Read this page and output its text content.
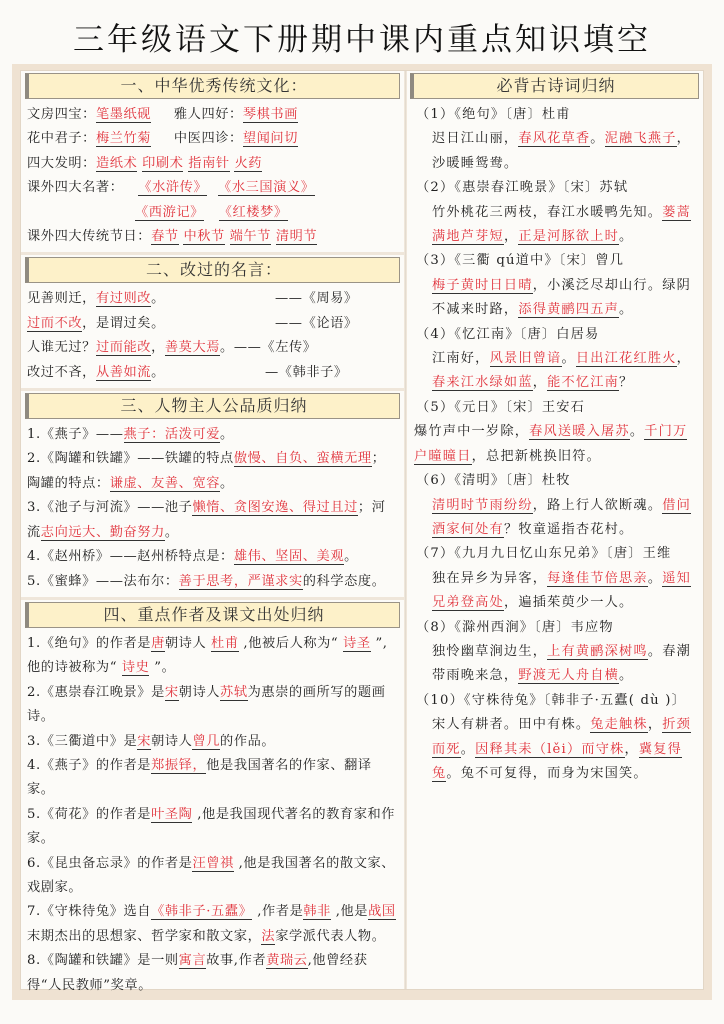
三年级语文下册期中课内重点知识填空
一、中华优秀传统文化：
文房四宝：笔墨纸砚 雅人四好：琴棋书画
花中君子：梅兰竹菊 中医四诊：望闻问切
四大发明：造纸术 印刷术 指南针 火药
课外四大名著： 《水浒传》 《水三国演义》
《西游记》 《红楼梦》
课外四大传统节日：春节 中秋节 端午节 清明节
二、改过的名言：
见善则迁，有过则改。	——《周易》
过而不改，是谓过矣。	——《论语》
人谁无过？过而能改，善莫大焉。——《左传》
改过不吝，从善如流。	—《韩非子》
三、人物主人公品质归纳
1.《燕子》——燕子：活泼可爱。
2.《陶罐和铁罐》——铁罐的特点傲慢、自负、蛮横无理；陶罐的特点：谦虚、友善、宽容。
3.《池子与河流》——池子懒惰、贪图安逸、得过且过；河流志向远大、勤奋努力。
4.《赵州桥》——赵州桥特点是：雄伟、坚固、美观。
5.《蜜蜂》——法布尔：善于思考，严谨求实的科学态度。
四、重点作者及课文出处归纳
1.《绝句》的作者是唐朝诗人 杜甫 ,他被后人称为“ 诗圣 ”,他的诗被称为“ 诗史 ”。
2.《惠崇春江晚景》是宋朝诗人苏轼为惠崇的画所写的题画诗。
3.《三衢道中》是宋朝诗人曾几的作品。
4.《燕子》的作者是郑振铎，他是我国著名的作家、翻译家。
5.《荷花》的作者是叶圣陶 ,他是我国现代著名的教育家和作家。
6.《昆虫备忘录》的作者是汪曾祺 ,他是我国著名的散文家、戏剧家。
7.《守株待兔》选自《韩非子·五蠹》 ,作者是韩非 ,他是战国末期杰出的思想家、哲学家和散文家，法家学派代表人物。
8.《陶罐和铁罐》是一则寓言故事,作者黄瑞云,他曾经获得“人民教师”奖章。
必背古诗词归纳
（1）《绝句》〔唐〕杜甫
迟日江山丽，春风花草香。泥融飞燕子，沙暖睡鸳鸯。
（2）《惠崇春江晚景》〔宋〕苏轼
竹外桃花三两枝，春江水暖鸭先知。蒌蒿满地芦芽短，正是河豚欲上时。
（3）《三衢 qú道中》〔宋〕曾几
梅子黄时日日晴，小溪泛尽却山行。绿阴不减来时路，添得黄鹂四五声。
（4）《忆江南》〔唐〕白居易
江南好，风景旧曾谙。日出江花红胜火，春来江水绿如蓝，能不忆江南？
（5）《元日》〔宋〕王安石
爆竹声中一岁除，春风送暖入屠苏。千门万户曈曈日，总把新桃换旧符。
（6）《清明》〔唐〕杜牧
清明时节雨纷纷，路上行人欲断魂。借问酒家何处有？牧童遥指杏花村。
（7）《九月九日忆山东兄弟》〔唐〕王维
独在异乡为异客，每逢佳节倍思亲。遥知兄弟登高处，遍插茱萸少一人。
（8）《滁州西涧》〔唐〕韦应物
独怜幽草涧边生，上有黄鹂深树鸣。春潮带雨晚来急，野渡无人舟自横。
（10）《守株待兔》〔韩非子·五蠹( dù )〕
宋人有耕者。田中有株。兔走触株，折颈而死。因释其耒（lěi）而守株，冀复得兔。兔不可复得，而身为宋国笑。
